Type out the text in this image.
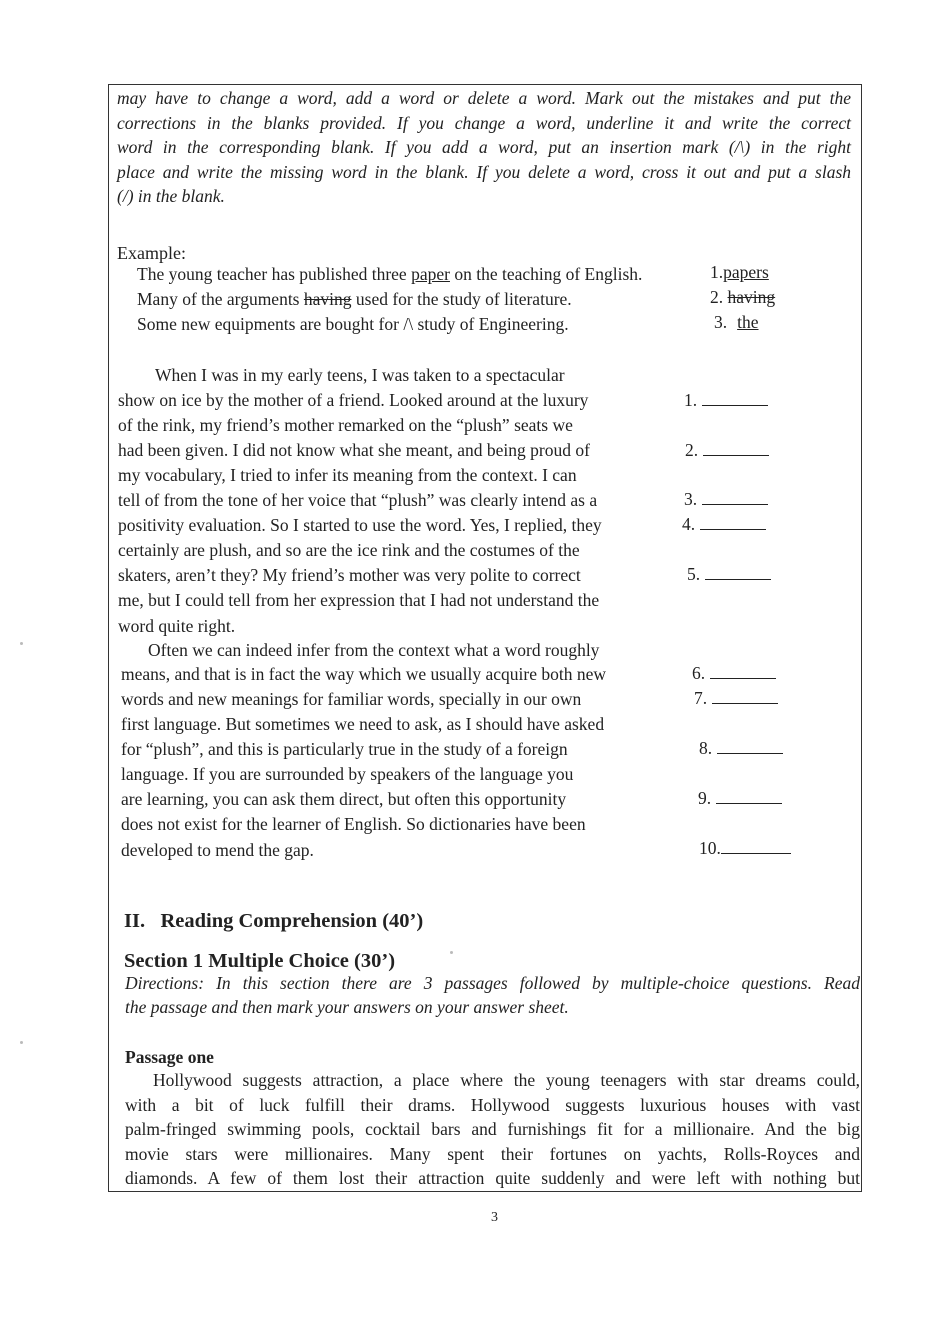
may have to change a word, add a word or delete a word. Mark out the mistakes and put the
corrections in the blanks provided. If you change a word, underline it and write the correct
word in the corresponding blank. If you add a word, put an insertion mark (/\) in the right
place and write the missing word in the blank. If you delete a word, cross it out and put a slash
(/) in the blank.
Example:
The young teacher has published three paper on the teaching of English.
Many of the arguments having used for the study of literature.
Some new equipments are bought for /\ study of Engineering.
1.papers
2. having
3. the
When I was in my early teens, I was taken to a spectacular
show on ice by the mother of a friend. Looked around at the luxury
of the rink, my friend’s mother remarked on the “plush” seats we
had been given. I did not know what she meant, and being proud of
my vocabulary, I tried to infer its meaning from the context. I can
tell of from the tone of her voice that “plush” was clearly intend as a
positivity evaluation. So I started to use the word. Yes, I replied, they
certainly are plush, and so are the ice rink and the costumes of the
skaters, aren’t they? My friend’s mother was very polite to correct
me, but I could tell from her expression that I had not understand the
word quite right.
Often we can indeed infer from the context what a word roughly
means, and that is in fact the way which we usually acquire both new
words and new meanings for familiar words, specially in our own
first language. But sometimes we need to ask, as I should have asked
for “plush”, and this is particularly true in the study of a foreign
language. If you are surrounded by speakers of the language you
are learning, you can ask them direct, but often this opportunity
does not exist for the learner of English. So dictionaries have been
developed to mend the gap.
1.
2.
3.
4.
5.
6.
7.
8.
9.
10.
II.   Reading Comprehension (40’)
Section 1 Multiple Choice (30’)
Directions: In this section there are 3 passages followed by multiple-choice questions. Read
the passage and then mark your answers on your answer sheet.
Passage one
Hollywood suggests attraction, a place where the young teenagers with star dreams could,
with a bit of luck fulfill their drams. Hollywood suggests luxurious houses with vast
palm-fringed swimming pools, cocktail bars and furnishings fit for a millionaire. And the big
movie stars were millionaires. Many spent their fortunes on yachts, Rolls-Royces and
diamonds. A few of them lost their attraction quite suddenly and were left with nothing but
3
